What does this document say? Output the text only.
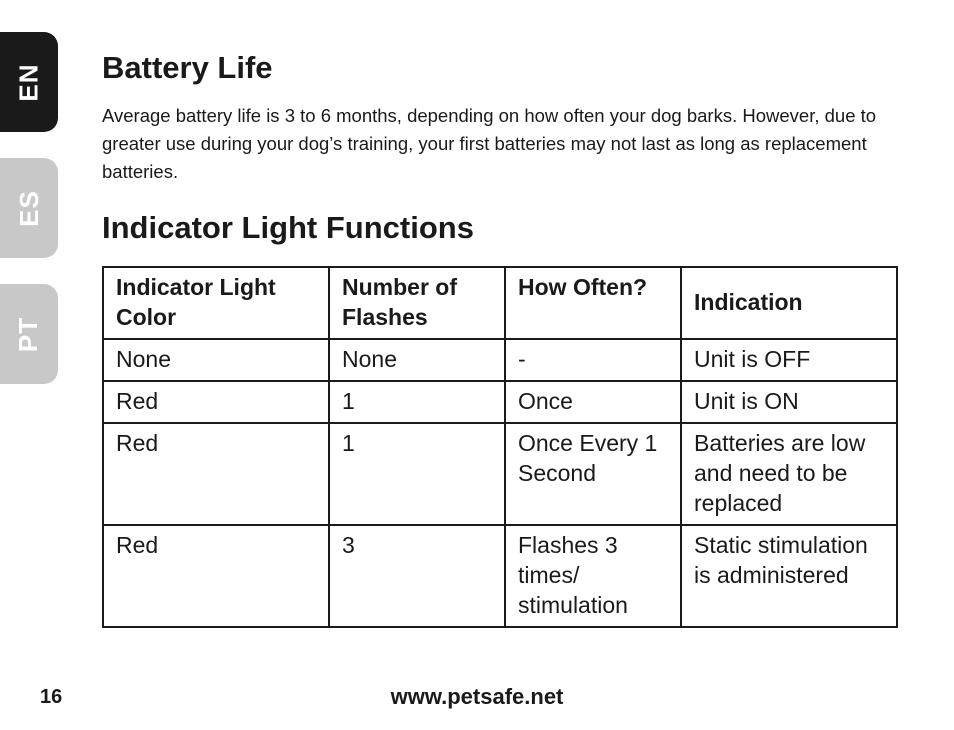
EN
ES
PT
Battery Life

Average battery life is 3 to 6 months, depending on how often your dog barks. However, due to greater use during your dog’s training, your first batteries may not last as long as replacement batteries.

Indicator Light Functions
Indicator Light Color	Number of Flashes	How Often?	Indication
None	None	-	Unit is OFF
Red	1	Once	Unit is ON
Red	1	Once Every 1 Second	Batteries are low and need to be replaced
Red	3	Flashes 3 times/ stimulation	Static stimulation is administered
16	www.petsafe.net
